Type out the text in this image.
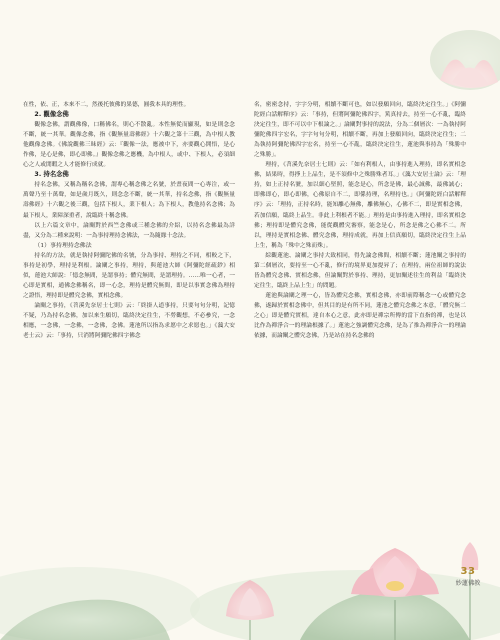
在性，依、正，本來不二，然後托彼佛的果德，圓我本具的理性。

2. 觀像念佛

觀像念佛，謂觀佛像，口稱佛名，則心不散亂。本性無從而顯現，如是則念念不斷，統一其華。觀像念佛，指《觀無量壽佛經》十六觀之第十三觀，為中根人教他觀像念佛。《佛說觀佛三昧經》云：『觀像一法，應被中下，亦要觀心開悟，是心作佛，是心是佛，即心即佛。』觀像念佛之應機，為中根人，或中、下根人，必須細心之人或閒暇之人才能修行成就。

3. 持名念佛

持名念佛，又稱為稱名念佛，謂專心稱念佛之名號，於晝夜間一心專注，或一萬聲乃至十萬聲，如是歲月既久，則念念不斷，統一其華，持名念佛，指《觀無量壽佛經》十六觀之後三觀，包括下根人，業下根人；為下根人，教他持名念佛；為最下根人，業障深重者，說臨終十稱念佛。

以上六篇文章中，論闡對於西竺念佛或三種念佛的介紹，以持名念佛最為詳盡，又分為二種來說明：一為事持理持念佛法，一為隨緣十念法。

（1）事持理持念佛法

持名的方法，就是執持阿彌陀佛的名號，分為事持、理持之不同，相較之下，事持是初學，理持是利根。論闡之事持，理持，與蓮池大師《阿彌陀經疏鈔》相似，蓮池大師說：「憶念無間，是謂事持；體究無間，是謂理持。……唯一心者，一心即是實相，通佛念佛稱名，即一心念，理持是體究無間，即是以事實念佛為理持之證悟，理持即是體究念佛，實相念佛。

論闡之事持，《苕溪先奈居士七則》云：「終掛人道事持，只要句句分明，記憶不疑，乃為持名念佛，加以來生願切，臨終決定往生，不勞觀想，不必參究，一念相應，一念佛，一念佛，一念佛，念佛。蓮池所以指為求愿中之求愿也。」《蕅大安老士云》云：「事持，只消將阿彌陀佛四字佛念

名，密密念持，字字分明，相續不斷可也，如以發願回向，臨終決定往生。」《阿彌陀經白話解釋序》云：「事持，但將阿彌陀佛四字，篤真持去，持至一心不亂，臨終決定往生，即不可以中下根論之。」論闡對事持的說法，分為二個層次：一為執持阿彌陀佛四字宏名，字字句句分明，相續不斷，再加上發願回向，臨終決定往生；二為執持阿彌陀佛四字宏名，持至一心不亂，臨終決定往生，蓮池與事持為「殊勝中之殊勝」。

理持，《苕溪先奈居士七則》云：「如有利根人，由事持進入理持，即名實相念佛，結果時，得掙上上品生，是不須修中之殊勝殊者耳。」《蕅大安居士論》云：「理持，如上正持名號，加以細心堅照，能念是心，所念是佛，最心誠佛，最佛誠心；即佛即心，即心即佛，心佛原自不二，即係持理，名理持也。」《阿彌陀經白話解釋序》云：「理持，正持名時，能知離心無佛，離佛無心，心佛不二，即是實相念佛，若加信願，臨終上品生。非此上利根者不能。」理持是由事持進入理持，即名實相念佛；理持即是體究念佛，能從觀體究審察，能念是心，所念是佛之心佛不二。所以，理持是實相念佛、體究念佛，理持成就，再加上信真願切，臨終決定往生上品上生，稱為「殊中之殊而殊」。

綜觀蓮池、論闡之事持大致相同，得先論念佛間，相續不斷；蓮池闡之事持的第二個層次，要持至一心不亂，修行的境界更加提昇了；在理持，兩位祖師的說法皆為體究念佛、實相念佛，但論闡對於事持、理持，更加闡述往生的利益「臨終決定往生，臨終上品上生」的問題。

蓮池與論闡之理一心，皆為體究念佛，實相念佛，亦即前際稱念一心或體究念佛，遂歸於實相念佛中，但其目的是有所不同，蓮池之體究念佛之本意，「體究無二之心」即是體究實相，達自本心之意，此亦即是禪宗所傳的當下直指的禪，也是以比作為禪淨合一的理論根據了。」蓮池之強調體究念佛，是為了推為禪淨合一的理論依據，而論闡之體究念佛，乃是站在持名念佛的

33
妙蓮佛教
